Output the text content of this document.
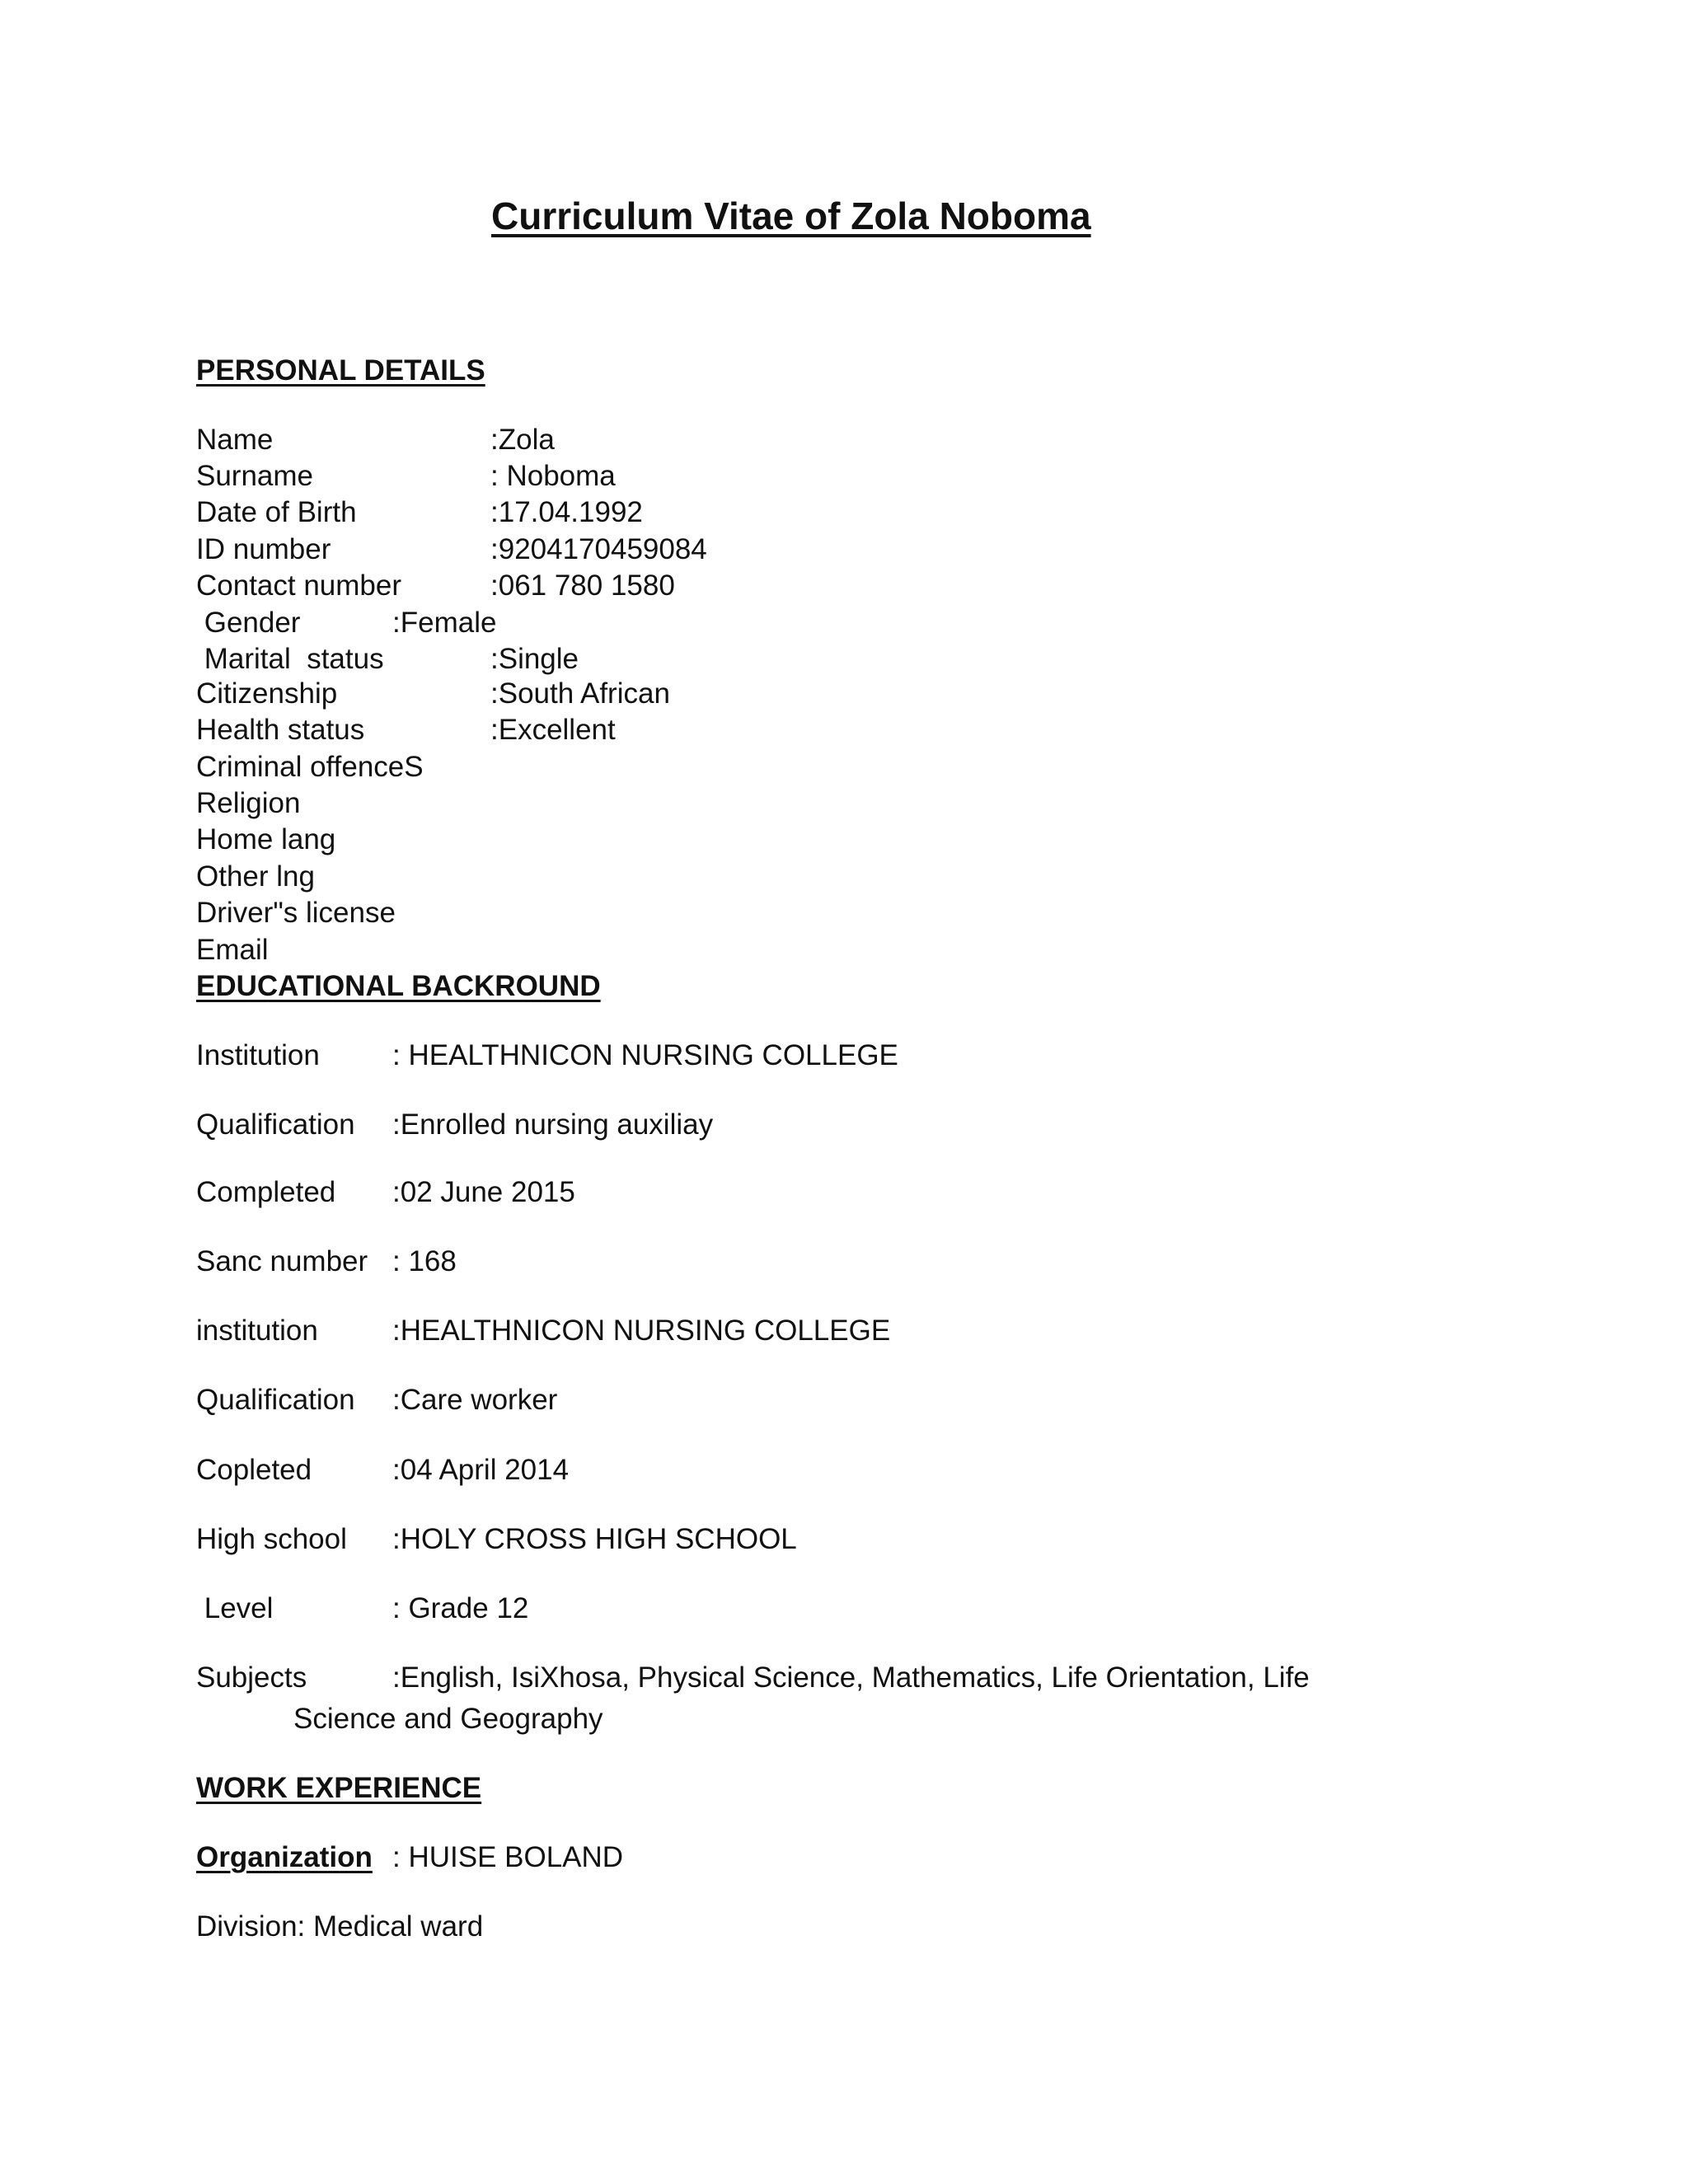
Curriculum Vitae of Zola Noboma
PERSONAL DETAILS
Name	:Zola
Surname	: Noboma
Date of Birth	:17.04.1992
ID number	:9204170459084
Contact number	:061 780 1580
Gender	:Female
Marital  status	:Single
Citizenship	:South African
Health status	:Excellent
Criminal offenceS
Religion
Home lang
Other lng
Driver"s license
Email
EDUCATIONAL BACKROUND
Institution	: HEALTHNICON NURSING COLLEGE
Qualification :Enrolled nursing auxiliay
Completed :02 June 2015
Sanc number : 168
institution	:HEALTHNICON NURSING COLLEGE
Qualification :Care worker
Copleted	:04 April 2014
High school :HOLY CROSS HIGH SCHOOL
Level	: Grade 12
Subjects	:English, IsiXhosa, Physical Science, Mathematics, Life Orientation, Life
Science and Geography
WORK EXPERIENCE
Organization : HUISE BOLAND
Division: Medical ward
